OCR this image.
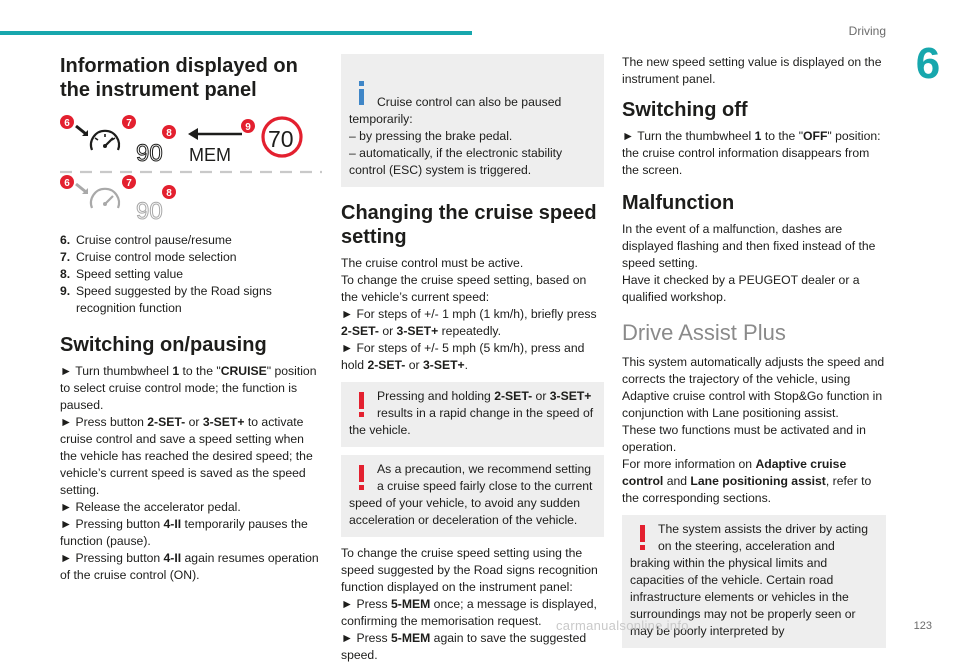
Driving
6
Information displayed on the instrument panel
90 MEM
70
90
6	7
8
9
6	7
8
6. Cruise control pause/resume
7. Cruise control mode selection
8. Speed setting value
9. Speed suggested by the Road signs recognition function
Switching on/pausing

► Turn thumbwheel 1 to the "CRUISE" position to select cruise control mode; the function is paused.

► Press button 2-SET- or 3-SET+ to activate cruise control and save a speed setting when the vehicle has reached the desired speed; the vehicle’s current speed is saved as the speed setting.

► Release the accelerator pedal.

► Pressing button 4-II temporarily pauses the function (pause).

► Pressing button 4-II again resumes operation of the cruise control (ON).

Cruise control can also be paused temporarily:
– by pressing the brake pedal.
– automatically, if the electronic stability control (ESC) system is triggered.

Changing the cruise speed setting

The cruise control must be active.
To change the cruise speed setting, based on the vehicle’s current speed:

► For steps of +/- 1 mph (1 km/h), briefly press 2-SET- or 3-SET+ repeatedly.

► For steps of +/- 5 mph (5 km/h), press and hold 2-SET- or 3-SET+.

Pressing and holding 2-SET- or 3-SET+ results in a rapid change in the speed of the vehicle.
As a precaution, we recommend setting a cruise speed fairly close to the current speed of your vehicle, to avoid any sudden acceleration or deceleration of the vehicle.

To change the cruise speed setting using the speed suggested by the Road signs recognition function displayed on the instrument panel:

► Press 5-MEM once; a message is displayed, confirming the memorisation request.

► Press 5-MEM again to save the suggested speed.

The new speed setting value is displayed on the instrument panel.

Switching off

► Turn the thumbwheel 1 to the "OFF" position: the cruise control information disappears from the screen.

Malfunction

In the event of a malfunction, dashes are displayed flashing and then fixed instead of the speed setting.
Have it checked by a PEUGEOT dealer or a qualified workshop.

Drive Assist Plus

This system automatically adjusts the speed and corrects the trajectory of the vehicle, using Adaptive cruise control with Stop&Go function in conjunction with Lane positioning assist.
These two functions must be activated and in operation.

For more information on Adaptive cruise control and Lane positioning assist, refer to the corresponding sections.

The system assists the driver by acting on the steering, acceleration and braking within the physical limits and capacities of the vehicle. Certain road infrastructure elements or vehicles in the surroundings may not be properly seen or may be poorly interpreted by
carmanualsonline.info	123
